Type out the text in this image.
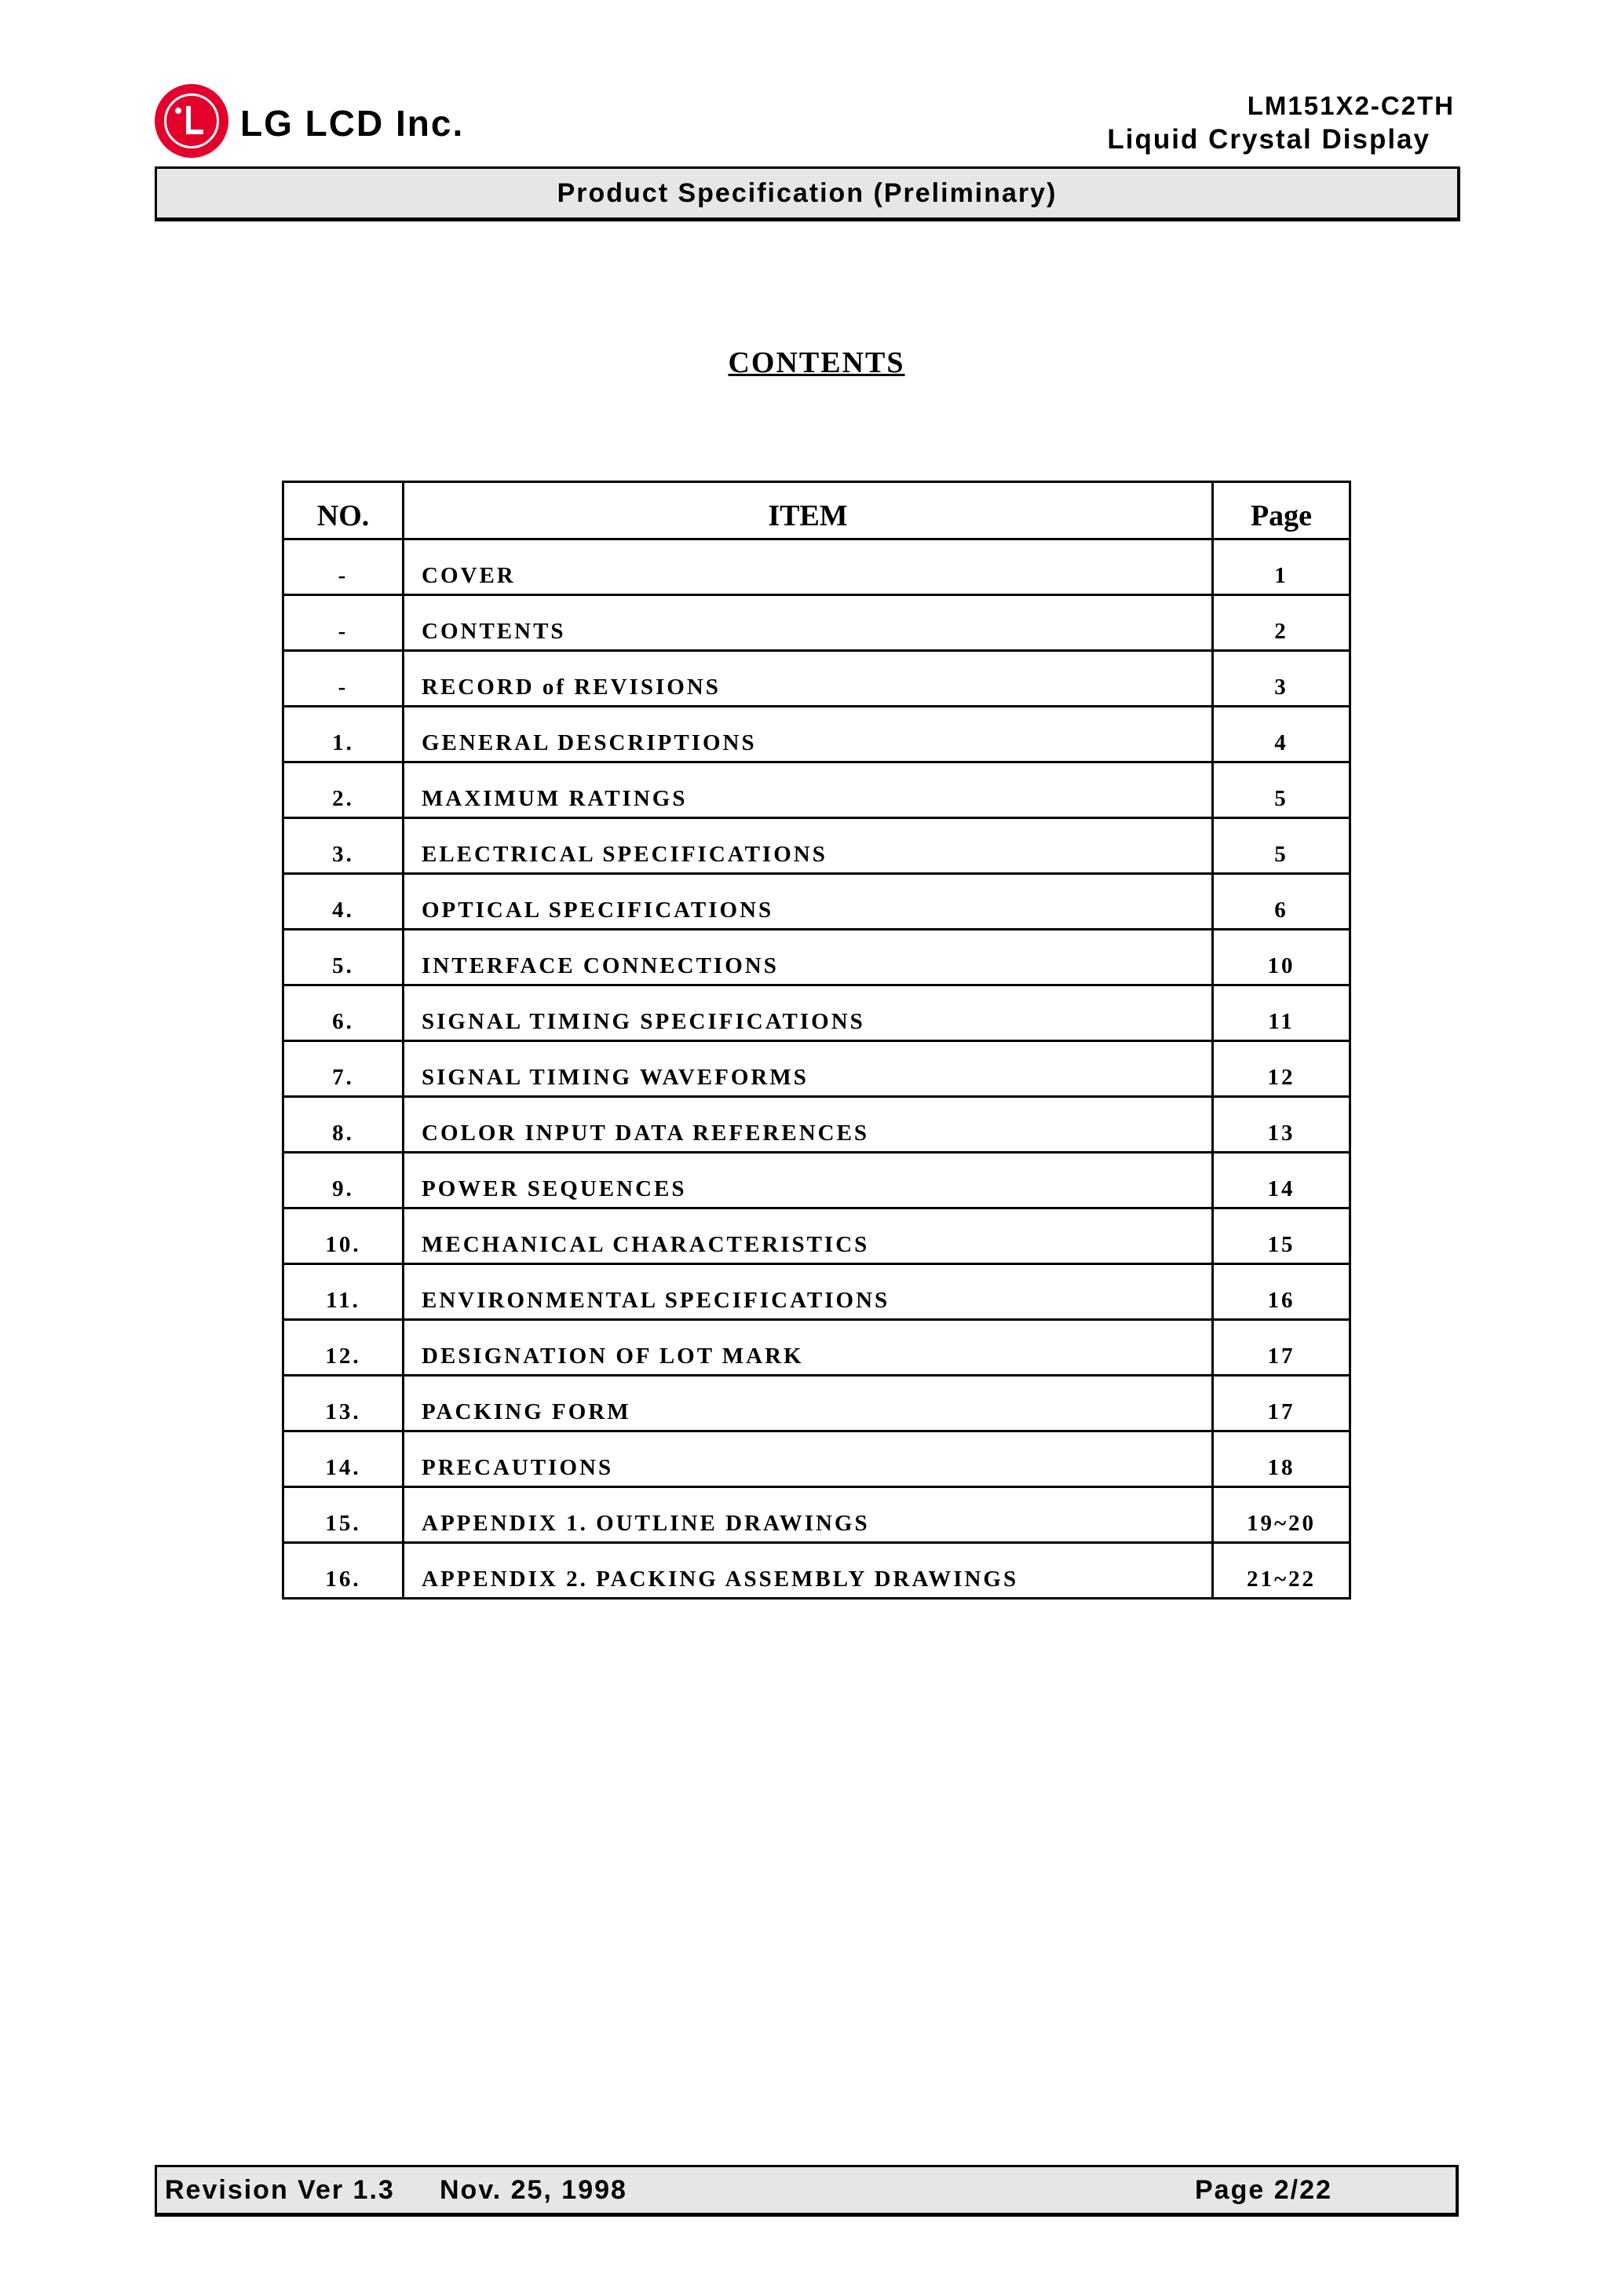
LG LCD Inc.	LM151X2-C2TH
Liquid Crystal Display
Product Specification (Preliminary)
CONTENTS
NO.	ITEM	Page
-	COVER	1
-	CONTENTS	2
-	RECORD of REVISIONS	3
1.	GENERAL DESCRIPTIONS	4
2.	MAXIMUM RATINGS	5
3.	ELECTRICAL SPECIFICATIONS	5
4.	OPTICAL SPECIFICATIONS	6
5.	INTERFACE CONNECTIONS	10
6.	SIGNAL TIMING SPECIFICATIONS	11
7.	SIGNAL TIMING WAVEFORMS	12
8.	COLOR INPUT DATA REFERENCES	13
9.	POWER SEQUENCES	14
10.	MECHANICAL CHARACTERISTICS	15
11.	ENVIRONMENTAL SPECIFICATIONS	16
12.	DESIGNATION OF LOT MARK	17
13.	PACKING FORM	17
14.	PRECAUTIONS	18
15.	APPENDIX 1. OUTLINE DRAWINGS	19~20
16.	APPENDIX 2. PACKING ASSEMBLY DRAWINGS	21~22
Revision Ver 1.3 Nov. 25, 1998	Page 2/22
